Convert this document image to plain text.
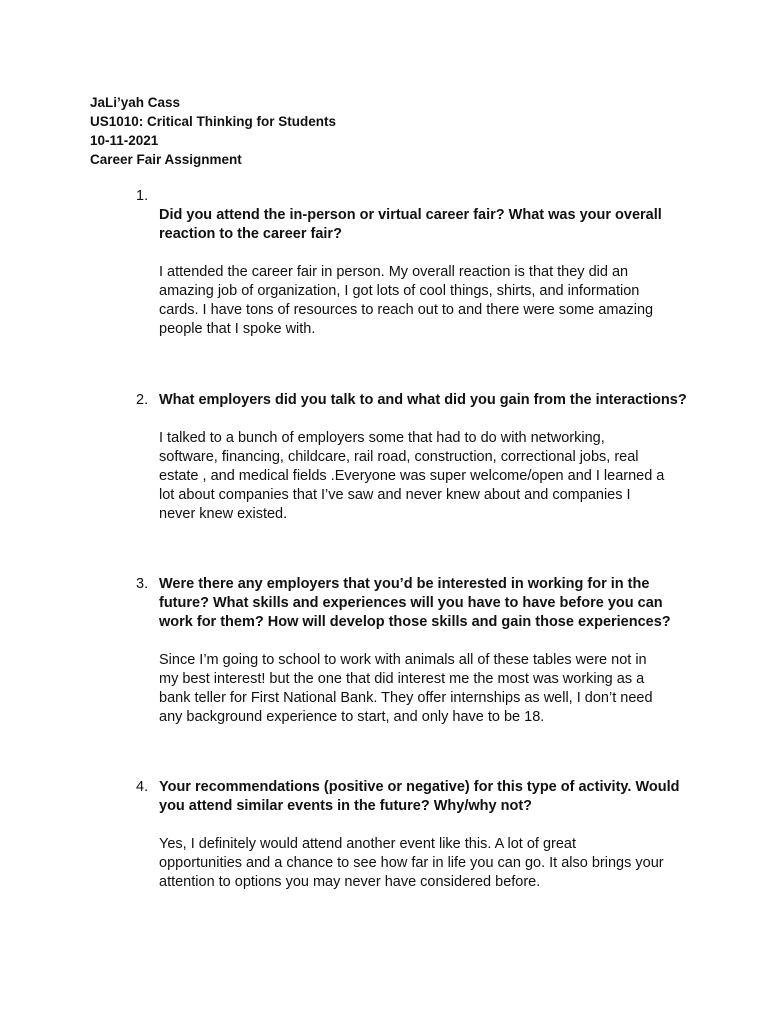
JaLi’yah Cass
US1010: Critical Thinking for Students
10-11-2021
Career Fair Assignment
1.
Did you attend the in-person or virtual career fair? What was your overall
reaction to the career fair?
I attended the career fair in person. My overall reaction is that they did an
amazing job of organization, I got lots of cool things, shirts, and information
cards. I have tons of resources to reach out to and there were some amazing
people that I spoke with.
2. What employers did you talk to and what did you gain from the interactions?
I talked to a bunch of employers some that had to do with networking,
software, financing, childcare, rail road, construction, correctional jobs, real
estate , and medical fields .Everyone was super welcome/open and I learned a
lot about companies that I’ve saw and never knew about and companies I
never knew existed.
3. Were there any employers that you’d be interested in working for in the
future? What skills and experiences will you have to have before you can
work for them? How will develop those skills and gain those experiences?
Since I’m going to school to work with animals all of these tables were not in
my best interest! but the one that did interest me the most was working as a
bank teller for First National Bank. They offer internships as well, I don’t need
any background experience to start, and only have to be 18.
4. Your recommendations (positive or negative) for this type of activity. Would
you attend similar events in the future? Why/why not?
Yes, I definitely would attend another event like this. A lot of great
opportunities and a chance to see how far in life you can go. It also brings your
attention to options you may never have considered before.
